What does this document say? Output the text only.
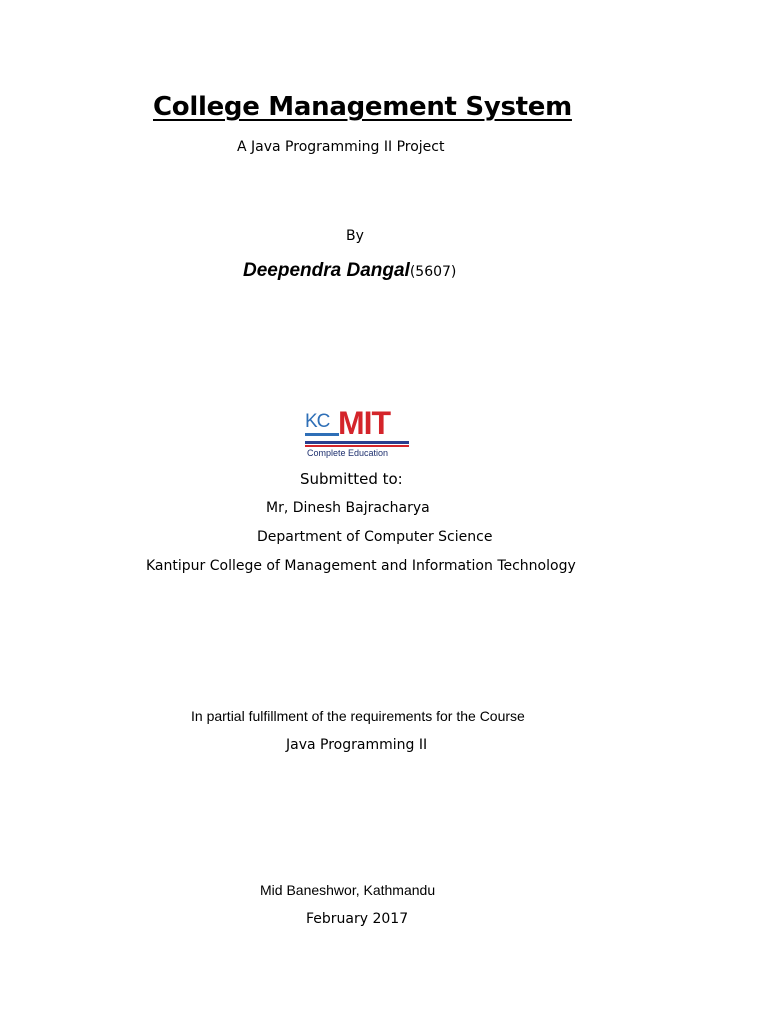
College Management System
A Java Programming II Project
By
Deependra Dangal(5607)
KC MIT
Complete Education
Submitted to:
Mr, Dinesh Bajracharya
Department of Computer Science
Kantipur College of Management and Information Technology
In partial fulfillment of the requirements for the Course
Java Programming II
Mid Baneshwor, Kathmandu
February 2017
